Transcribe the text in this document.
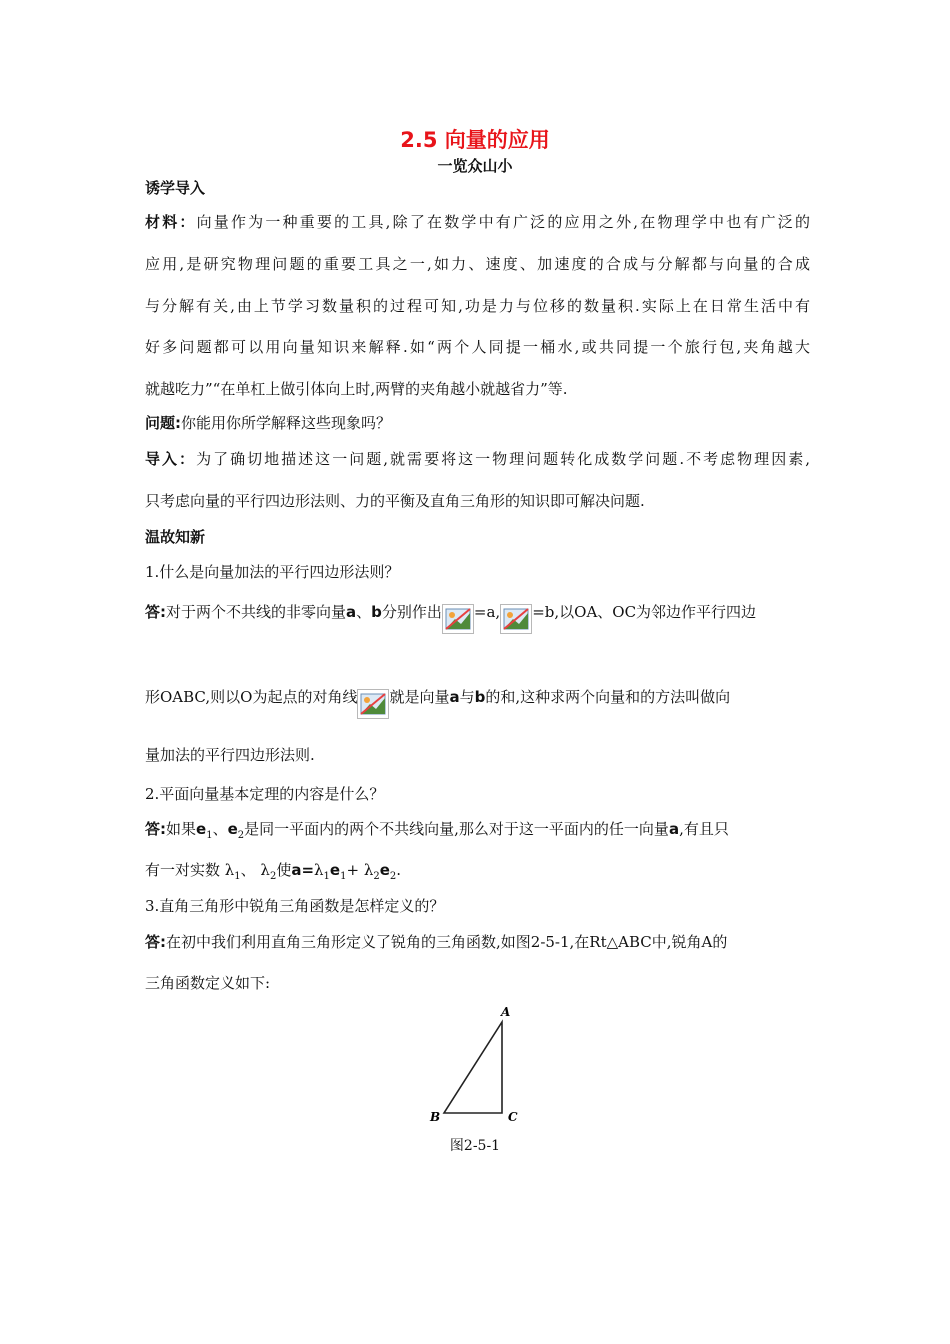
2.5 向量的应用
一览众山小
诱学导入
材料：向量作为一种重要的工具,除了在数学中有广泛的应用之外,在物理学中也有广泛的
应用,是研究物理问题的重要工具之一,如力、速度、加速度的合成与分解都与向量的合成
与分解有关,由上节学习数量积的过程可知,功是力与位移的数量积.实际上在日常生活中有
好多问题都可以用向量知识来解释.如“两个人同提一桶水,或共同提一个旅行包,夹角越大
就越吃力”“在单杠上做引体向上时,两臂的夹角越小就越省力”等.
问题:你能用你所学解释这些现象吗？
导入：为了确切地描述这一问题,就需要将这一物理问题转化成数学问题.不考虑物理因素,
只考虑向量的平行四边形法则、力的平衡及直角三角形的知识即可解决问题.
温故知新
1.什么是向量加法的平行四边形法则？
答:对于两个不共线的非零向量a、b分别作出 =a, =b,以OA、OC为邻边作平行四边
形OABC,则以O为起点的对角线 就是向量a与b的和,这种求两个向量和的方法叫做向
量加法的平行四边形法则.
2.平面向量基本定理的内容是什么？
答:如果$e_1$、$e_2$是同一平面内的两个不共线向量,那么对于这一平面内的任一向量a,有且只
有一对实数 $\lambda_1$、 $\lambda_2$使$a=\lambda_1e_1+ \lambda_2e_2$.
3.直角三角形中锐角三角函数是怎样定义的？
答:在初中我们利用直角三角形定义了锐角的三角函数,如图2-5-1,在Rt△ABC中,锐角A的
三角函数定义如下:
A
B	C
图2-5-1
